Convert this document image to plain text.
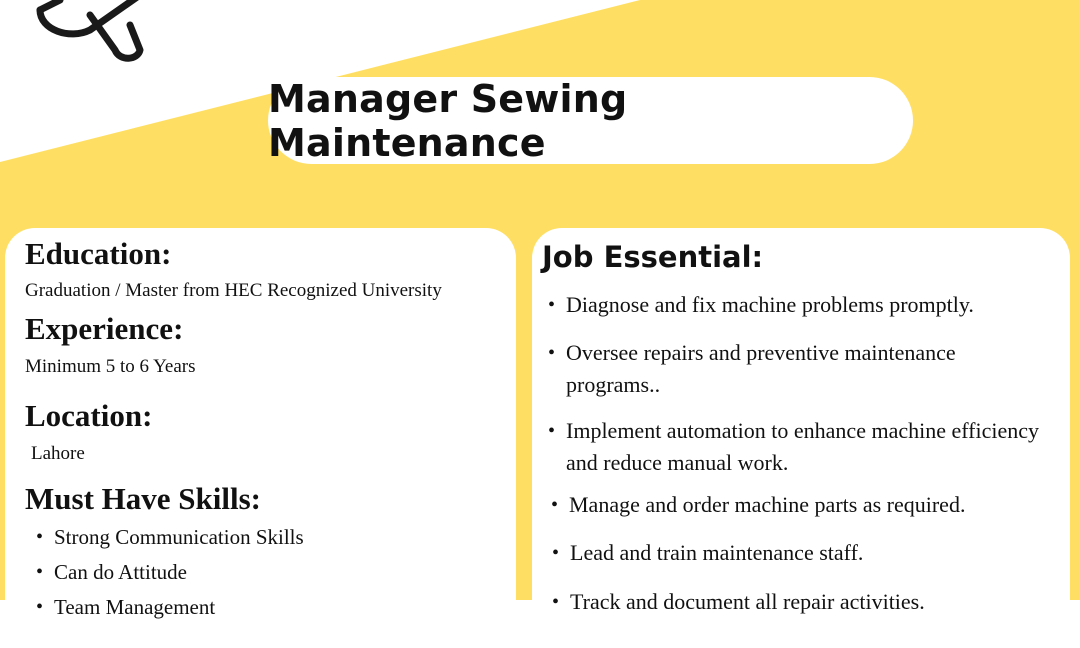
Manager Sewing Maintenance
Education:

Graduation / Master from HEC Recognized University

Experience:

Minimum 5 to 6 Years

Location:

Lahore

Must Have Skills:
• Strong Communication Skills
• Can do Attitude
• Team Management
Job Essential:
• Diagnose and fix machine problems promptly.
• Oversee repairs and preventive maintenance programs..
• Implement automation to enhance machine efficiency and reduce manual work.
• Manage and order machine parts as required.
• Lead and train maintenance staff.
• Track and document all repair activities.
